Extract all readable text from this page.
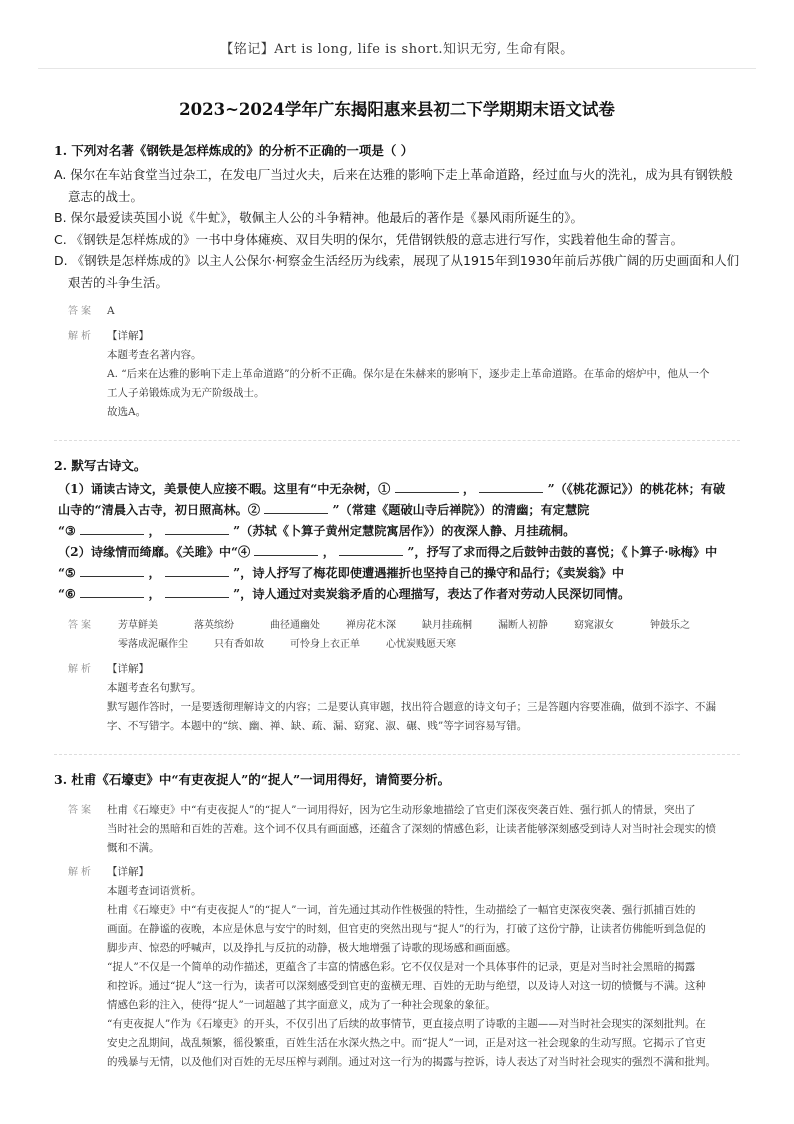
【铭记】Art is long, life is short.知识无穷, 生命有限。
2023~2024学年广东揭阳惠来县初二下学期期末语文试卷
1. 下列对名著《钢铁是怎样炼成的》的分析不正确的一项是（ ）
A. 保尔在车站食堂当过杂工，在发电厂当过火夫，后来在达雅的影响下走上革命道路，经过血与火的洗礼，成为具有钢铁般意志的战士。
B. 保尔最爱读英国小说《牛虻》，敬佩主人公的斗争精神。他最后的著作是《暴风雨所诞生的》。
C. 《钢铁是怎样炼成的》一书中身体瘫痪、双目失明的保尔，凭借钢铁般的意志进行写作，实践着他生命的誓言。
D. 《钢铁是怎样炼成的》以主人公保尔·柯察金生活经历为线索，展现了从1915年到1930年前后苏俄广阔的历史画面和人们艰苦的斗争生活。
答案 A
解析 【详解】

本题考查名著内容。

A. “后来在达雅的影响下走上革命道路”的分析不正确。保尔是在朱赫来的影响下，逐步走上革命道路。在革命的熔炉中，他从一个

工人子弟锻炼成为无产阶级战士。

故选A。

2. 默写古诗文。
（1）诵读古诗文，美景使人应接不暇。这里有“中无杂树，①	，	”（《桃花源记》）的桃花林；有破
山寺的“清晨入古寺，初日照高林。②	”（常建《题破山寺后禅院》）的清幽；有定慧院
“③	，	”（苏轼《卜算子黄州定慧院寓居作》）的夜深人静、月挂疏桐。
（2）诗缘情而绮靡。《关雎》中“④	，	”，抒写了求而得之后鼓钟击鼓的喜悦；《卜算子·咏梅》中
“⑤	，	”，诗人抒写了梅花即使遭遇摧折也坚持自己的操守和品行；《卖炭翁》中
“⑥	，	”，诗人通过对卖炭翁矛盾的心理描写，表达了作者对劳动人民深切同情。
答案 芳草鲜美	落英缤纷	曲径通幽处	禅房花木深	缺月挂疏桐	漏断人初静	窈窕淑女	钟鼓乐之
零落成泥碾作尘	只有香如故	可怜身上衣正单	心忧炭贱愿天寒
解析 【详解】

本题考查名句默写。

默写题作答时，一是要透彻理解诗文的内容；二是要认真审题，找出符合题意的诗文句子；三是答题内容要准确，做到不添字、不漏

字、不写错字。本题中的“缤、幽、禅、缺、疏、漏、窈窕、淑、碾、贱”等字词容易写错。

3. 杜甫《石壕吏》中“有吏夜捉人”的“捉人”一词用得好，请简要分析。
答案 杜甫《石壕吏》中“有吏夜捉人”的“捉人”一词用得好，因为它生动形象地描绘了官吏们深夜突袭百姓、强行抓人的情景，突出了

当时社会的黑暗和百姓的苦难。这个词不仅具有画面感，还蕴含了深刻的情感色彩，让读者能够深刻感受到诗人对当时社会现实的愤

慨和不满。

解析 【详解】

本题考查词语赏析。

杜甫《石壕吏》中“有吏夜捉人”的“捉人”一词，首先通过其动作性极强的特性，生动描绘了一幅官吏深夜突袭、强行抓捕百姓的

画面。在静谧的夜晚，本应是休息与安宁的时刻，但官吏的突然出现与“捉人”的行为，打破了这份宁静，让读者仿佛能听到急促的

脚步声、惊恐的呼喊声，以及挣扎与反抗的动静，极大地增强了诗歌的现场感和画面感。

“捉人”不仅是一个简单的动作描述，更蕴含了丰富的情感色彩。它不仅仅是对一个具体事件的记录，更是对当时社会黑暗的揭露

和控诉。通过“捉人”这一行为，读者可以深刻感受到官吏的蛮横无理、百姓的无助与绝望，以及诗人对这一切的愤慨与不满。这种

情感色彩的注入，使得“捉人”一词超越了其字面意义，成为了一种社会现象的象征。

“有吏夜捉人”作为《石壕吏》的开头，不仅引出了后续的故事情节，更直接点明了诗歌的主题——对当时社会现实的深刻批判。在

安史之乱期间，战乱频繁，徭役繁重，百姓生活在水深火热之中。而“捉人”一词，正是对这一社会现象的生动写照。它揭示了官吏

的残暴与无情，以及他们对百姓的无尽压榨与剥削。通过对这一行为的揭露与控诉，诗人表达了对当时社会现实的强烈不满和批判。
